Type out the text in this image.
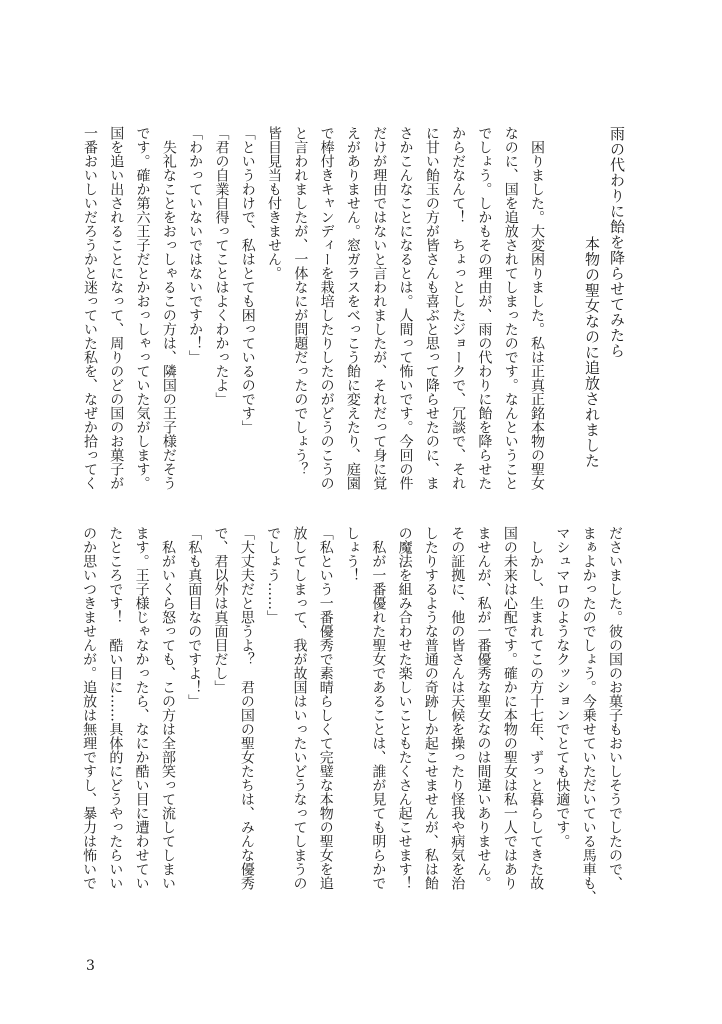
雨の代わりに飴を降らせてみたら
本物の聖女なのに追放されました
　困りました。大変困りました。私は正真正銘本物の聖女
なのに、国を追放されてしまったのです。なんということ
でしょう。しかもその理由が、雨の代わりに飴を降らせた
からだなんて！　ちょっとしたジョークで、冗談で、それ
に甘い飴玉の方が皆さんも喜ぶと思って降らせたのに、ま
さかこんなことになるとは。人間って怖いです。今回の件
だけが理由ではないと言われましたが、それだって身に覚
えがありません。窓ガラスをべっこう飴に変えたり、庭園
で棒付きキャンディーを栽培したりしたのがどうのこうの
と言われましたが、一体なにが問題だったのでしょう？
皆目見当も付きません。
「というわけで、私はとても困っているのです」
「君の自業自得ってことはよくわかったよ」
「わかっていないではないですか！」
　失礼なことをおっしゃるこの方は、隣国の王子様だそう
です。確か第六王子だとかおっしゃっていた気がします。
国を追い出されることになって、周りのどの国のお菓子が
一番おいしいだろうかと迷っていた私を、なぜか拾ってく
ださいました。彼の国のお菓子もおいしそうでしたので、
まぁよかったのでしょう。今乗せていただいている馬車も、
マシュマロのようなクッションでとても快適です。
　しかし、生まれてこの方十七年、ずっと暮らしてきた故
国の未来は心配です。確かに本物の聖女は私一人ではあり
ませんが、私が一番優秀な聖女なのは間違いありません。
その証拠に、他の皆さんは天候を操ったり怪我や病気を治
したりするような普通の奇跡しか起こせませんが、私は飴
の魔法を組み合わせた楽しいこともたくさん起こせます！
　私が一番優れた聖女であることは、誰が見ても明らかで
しょう！
「私という一番優秀で素晴らしくて完璧な本物の聖女を追
放してしまって、我が故国はいったいどうなってしまうの
でしょう……」
「大丈夫だと思うよ？　君の国の聖女たちは、みんな優秀
で、君以外は真面目だし」
「私も真面目なのですよ！」
　私がいくら怒っても、この方は全部笑って流してしまい
ます。王子様じゃなかったら、なにか酷い目に遭わせてい
たところです！　酷い目に……具体的にどうやったらいい
のか思いつきませんが。追放は無理ですし、暴力は怖いで
3
